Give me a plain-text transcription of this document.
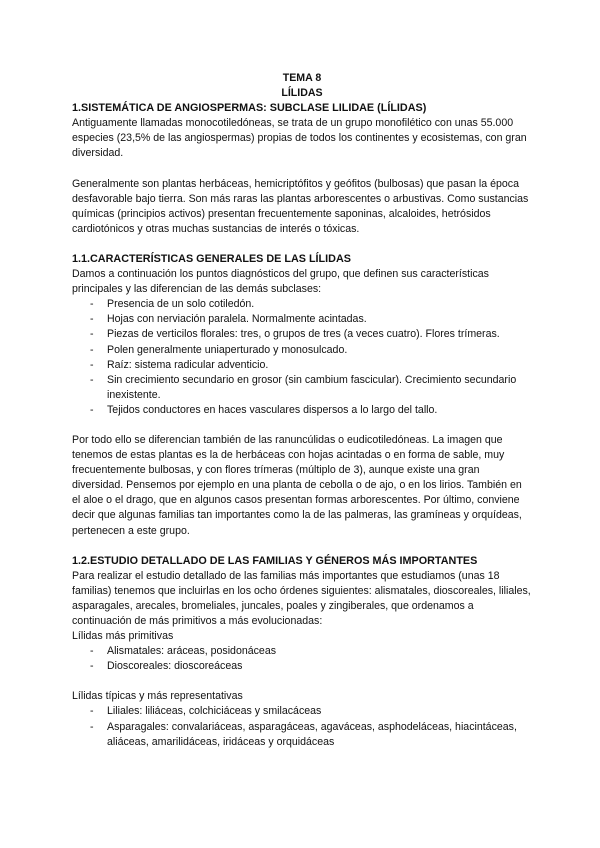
TEMA 8

LÍLIDAS

1.SISTEMÁTICA DE ANGIOSPERMAS: SUBCLASE LILIDAE (LÍLIDAS)

Antiguamente llamadas monocotiledóneas, se trata de un grupo monofilético con unas 55.000 especies (23,5% de las angiospermas) propias de todos los continentes y ecosistemas, con gran diversidad.

Generalmente son plantas herbáceas, hemicriptófitos y geófitos (bulbosas) que pasan la época desfavorable bajo tierra. Son más raras las plantas arborescentes o arbustivas. Como sustancias químicas (principios activos) presentan frecuentemente saponinas, alcaloides, hetrósidos cardiotónicos y otras muchas sustancias de interés o tóxicas.

1.1.CARACTERÍSTICAS GENERALES DE LAS LÍLIDAS

Damos a continuación los puntos diagnósticos del grupo, que definen sus características principales y las diferencian de las demás subclases:

- Presencia de un solo cotiledón.
- Hojas con nerviación paralela. Normalmente acintadas.
- Piezas de verticilos florales: tres, o grupos de tres (a veces cuatro). Flores trímeras.
- Polen generalmente uniaperturado y monosulcado.
- Raíz: sistema radicular adventicio.
- Sin crecimiento secundario en grosor (sin cambium fascicular). Crecimiento secundario inexistente.
- Tejidos conductores en haces vasculares dispersos a lo largo del tallo.

Por todo ello se diferencian también de las ranuncúlidas o eudicotiledóneas. La imagen que tenemos de estas plantas es la de herbáceas con hojas acintadas o en forma de sable, muy frecuentemente bulbosas, y con flores trímeras (múltiplo de 3), aunque existe una gran diversidad. Pensemos por ejemplo en una planta de cebolla o de ajo, o en los lirios. También en el aloe o el drago, que en algunos casos presentan formas arborescentes. Por último, conviene decir que algunas familias tan importantes como la de las palmeras, las gramíneas y orquídeas, pertenecen a este grupo.

1.2.ESTUDIO DETALLADO DE LAS FAMILIAS Y GÉNEROS MÁS IMPORTANTES

Para realizar el estudio detallado de las familias más importantes que estudiamos (unas 18 familias) tenemos que incluirlas en los ocho órdenes siguientes: alismatales, dioscoreales, liliales, asparagales, arecales, bromeliales, juncales, poales y zingiberales, que ordenamos a continuación de más primitivos a más evolucionadas:

Lílidas más primitivas

- Alismatales: aráceas, posidonáceas
- Dioscoreales: dioscoreáceas

Lílidas típicas y más representativas

- Liliales: liliáceas, colchiciáceas y smilacáceas
- Asparagales: convalariáceas, asparagáceas, agaváceas, asphodeláceas, hiacintáceas, aliáceas, amarilidáceas, iridáceas y orquidáceas
